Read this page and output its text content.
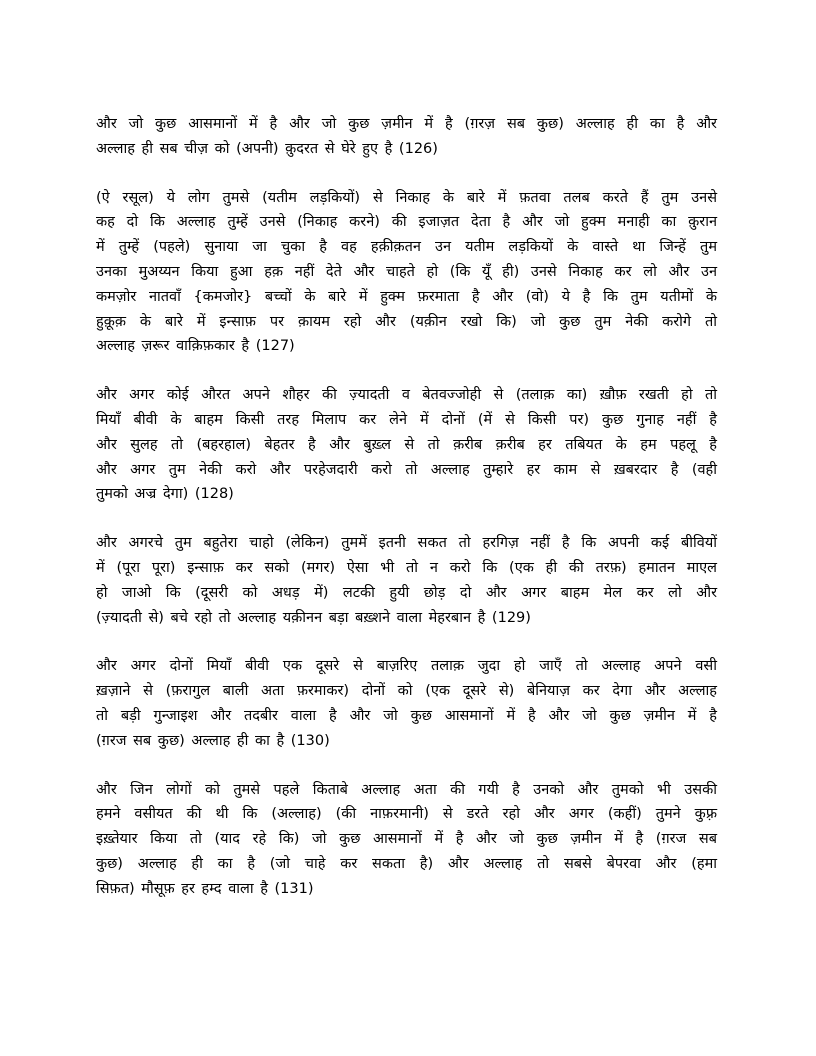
और जो कुछ आसमानों में है और जो कुछ ज़मीन में है (ग़रज़ सब कुछ) अल्लाह ही का है और
अल्लाह ही सब चीज़ को (अपनी) क़ुदरत से घेरे हुए है (126)

(ऐ रसूल) ये लोग तुमसे (यतीम लड़कियों) से निकाह के बारे में फ़तवा तलब करते हैं तुम उनसे
कह दो कि अल्लाह तुम्हें उनसे (निकाह करने) की इजाज़त देता है और जो हुक्म मनाही का क़ुरान
में तुम्हें (पहले) सुनाया जा चुका है वह हक़ीक़तन उन यतीम लड़कियों के वास्ते था जिन्हें तुम
उनका मुअय्यन किया हुआ हक़ नहीं देते और चाहते हो (कि यूँ ही) उनसे निकाह कर लो और उन
कमज़ोर नातवाँ {कमजोर} बच्चों के बारे में हुक्म फ़रमाता है और (वो) ये है कि तुम यतीमों के
हुक़ूक़ के बारे में इन्साफ़ पर क़ायम रहो और (यक़ीन रखो कि) जो कुछ तुम नेकी करोगे तो
अल्लाह ज़रूर वाक़िफ़कार है (127)

और अगर कोई औरत अपने शौहर की ज़्यादती व बेतवज्जोही से (तलाक़ का) ख़ौफ़ रखती हो तो
मियाँ बीवी के बाहम किसी तरह मिलाप कर लेने में दोनों (में से किसी पर) कुछ गुनाह नहीं है
और सुलह तो (बहरहाल) बेहतर है और बुख़्ल से तो क़रीब क़रीब हर तबियत के हम पहलू है
और अगर तुम नेकी करो और परहेजदारी करो तो अल्लाह तुम्हारे हर काम से ख़बरदार है (वही
तुमको अज्र देगा) (128)

और अगरचे तुम बहुतेरा चाहो (लेकिन) तुममें इतनी सकत तो हरगिज़ नहीं है कि अपनी कई बीवियों
में (पूरा पूरा) इन्साफ़ कर सको (मगर) ऐसा भी तो न करो कि (एक ही की तरफ़) हमातन माएल
हो जाओ कि (दूसरी को अधड़ में) लटकी हुयी छोड़ दो और अगर बाहम मेल कर लो और
(ज़्यादती से) बचे रहो तो अल्लाह यक़ीनन बड़ा बख़्शने वाला मेहरबान है (129)

और अगर दोनों मियाँ बीवी एक दूसरे से बाज़रिए तलाक़ जुदा हो जाएँ तो अल्लाह अपने वसी
ख़ज़ाने से (फ़रागुल बाली अता फ़रमाकर) दोनों को (एक दूसरे से) बेनियाज़ कर देगा और अल्लाह
तो बड़ी गुन्जाइश और तदबीर वाला है और जो कुछ आसमानों में है और जो कुछ ज़मीन में है
(ग़रज सब कुछ) अल्लाह ही का है (130)

और जिन लोगों को तुमसे पहले किताबे अल्लाह अता की गयी है उनको और तुमको भी उसकी
हमने वसीयत की थी कि (अल्लाह) (की नाफ़रमानी) से डरते रहो और अगर (कहीं) तुमने कुफ़्र
इख़्तेयार किया तो (याद रहे कि) जो कुछ आसमानों में है और जो कुछ ज़मीन में है (ग़रज सब
कुछ) अल्लाह ही का है (जो चाहे कर सकता है) और अल्लाह तो सबसे बेपरवा और (हमा
सिफ़त) मौसूफ़ हर हम्द वाला है (131)
